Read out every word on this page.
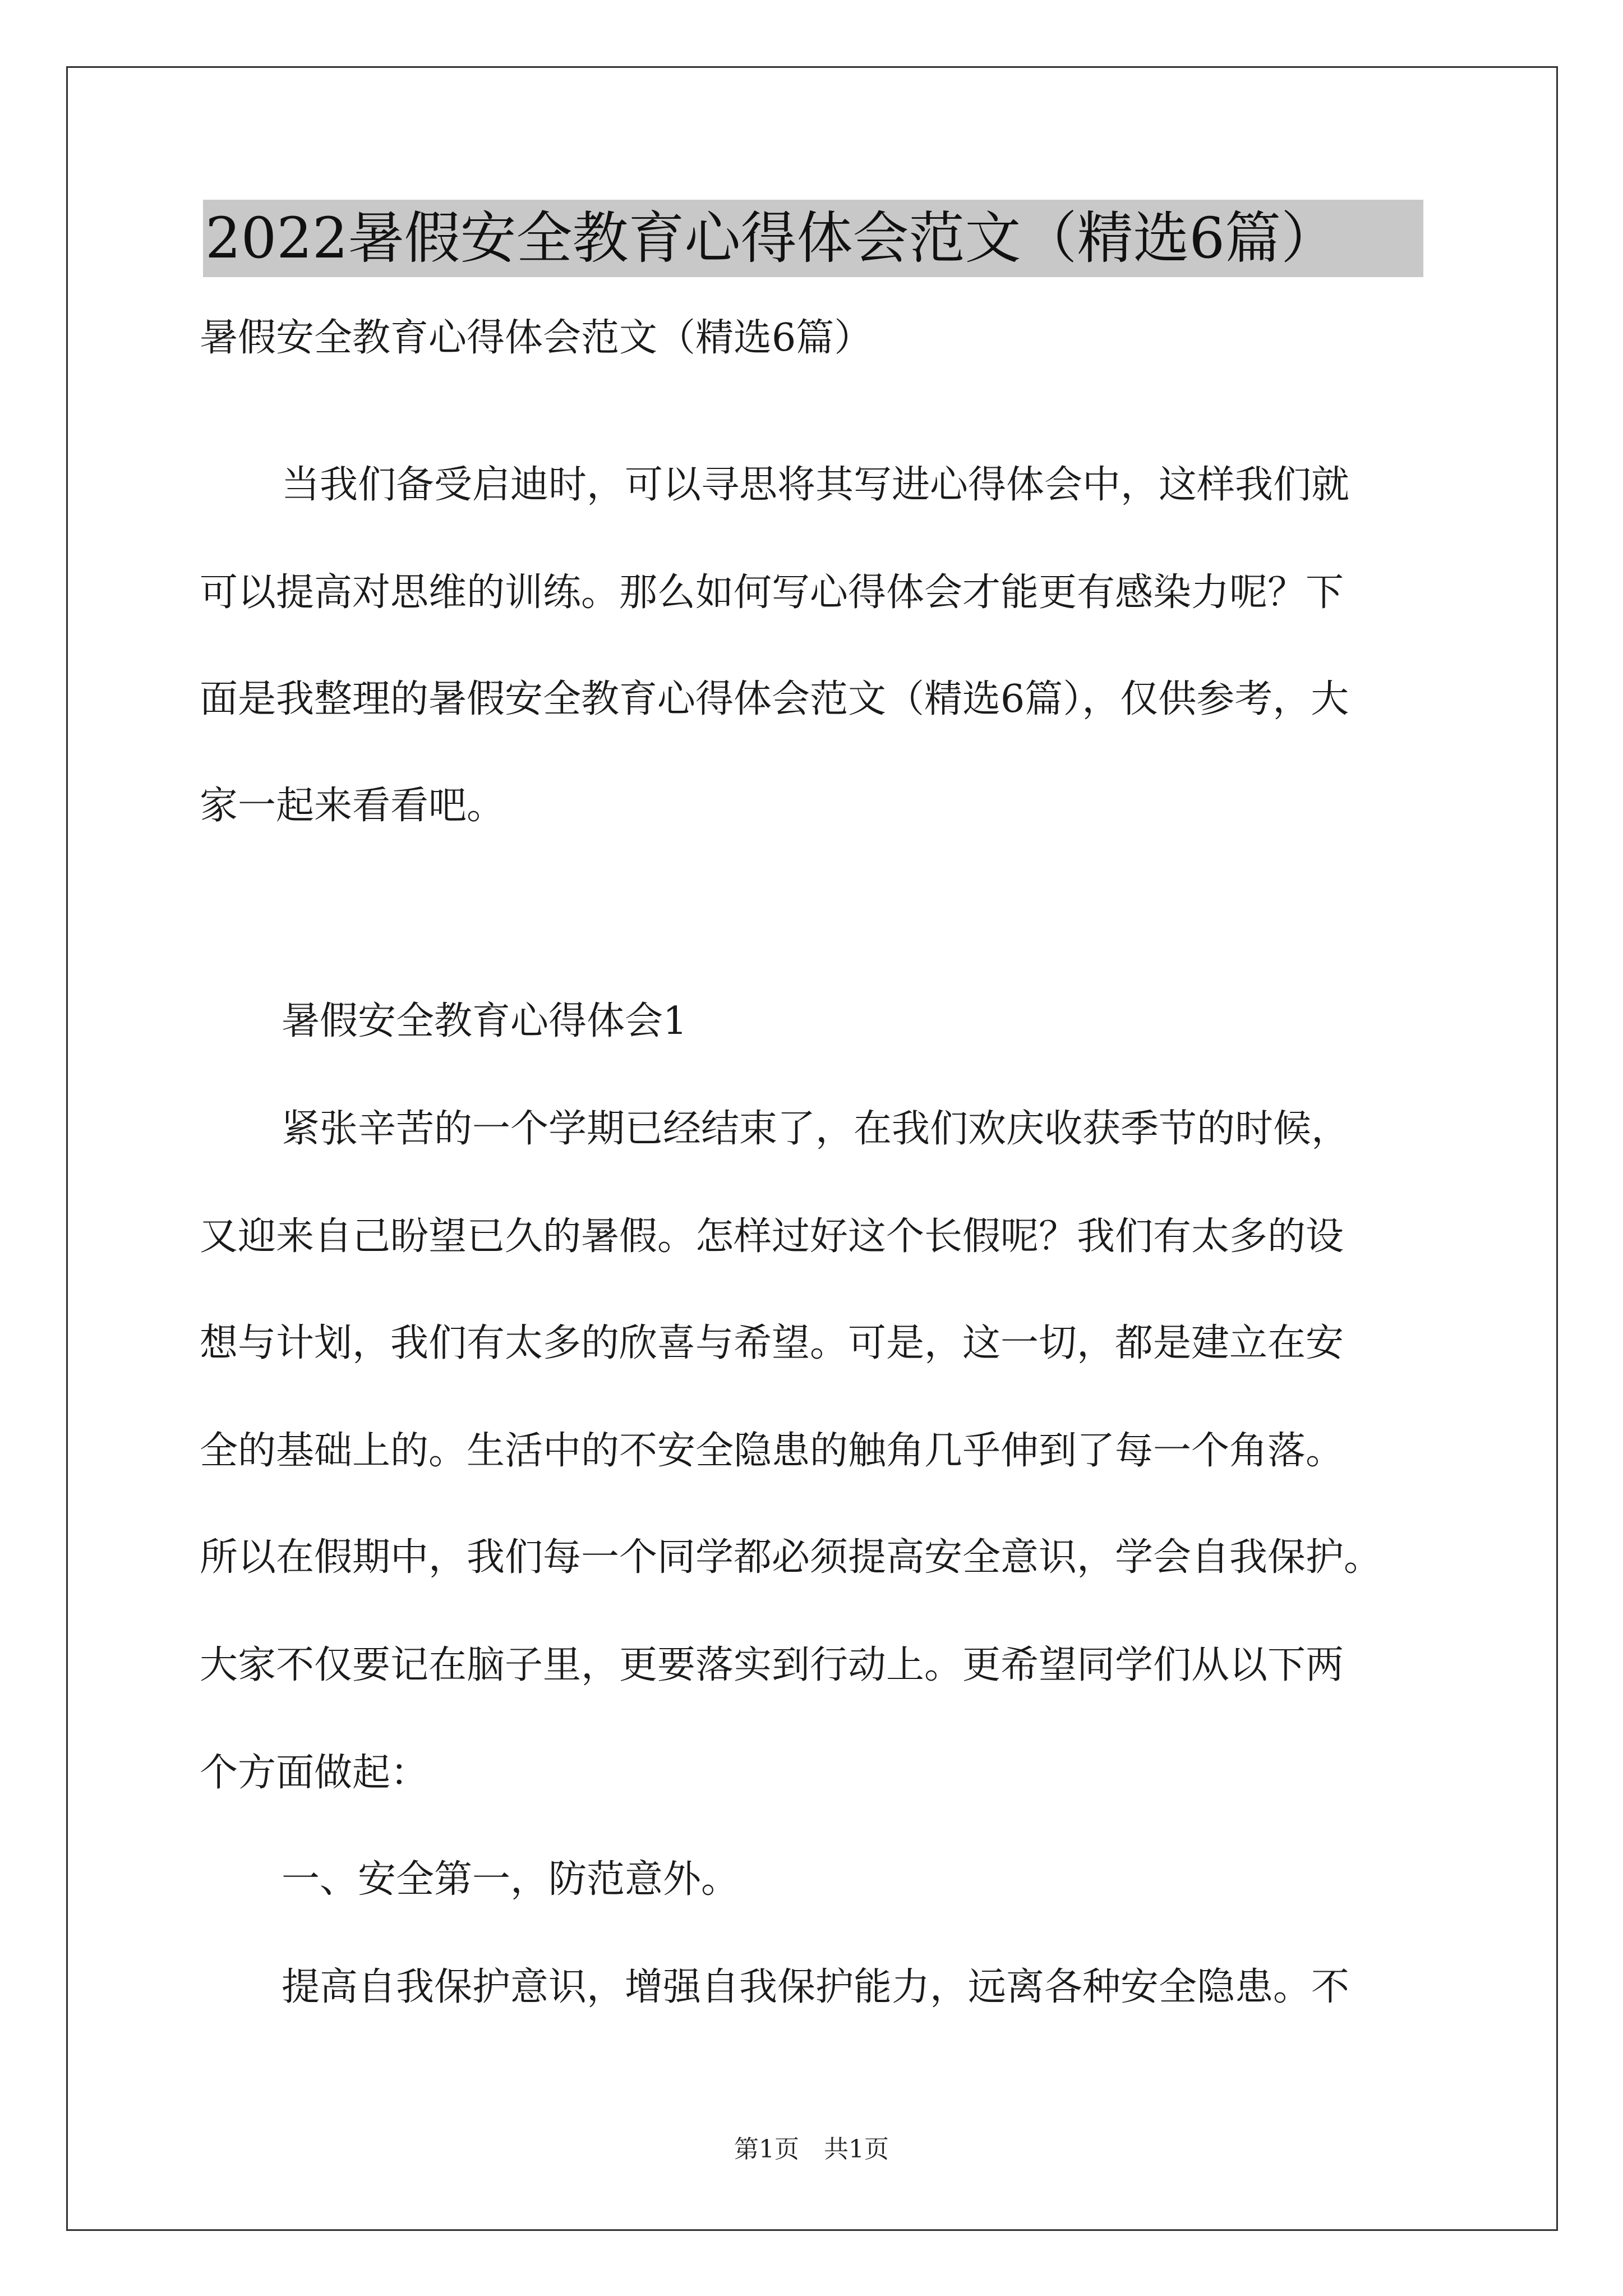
2022暑假安全教育心得体会范文（精选6篇）
暑假安全教育心得体会范文（精选6篇）
当我们备受启迪时，可以寻思将其写进心得体会中，这样我们就
可以提高对思维的训练。那么如何写心得体会才能更有感染力呢？下
面是我整理的暑假安全教育心得体会范文（精选6篇），仅供参考，大
家一起来看看吧。
暑假安全教育心得体会1
紧张辛苦的一个学期已经结束了，在我们欢庆收获季节的时候，
又迎来自己盼望已久的暑假。怎样过好这个长假呢？我们有太多的设
想与计划，我们有太多的欣喜与希望。可是，这一切，都是建立在安
全的基础上的。生活中的不安全隐患的触角几乎伸到了每一个角落。
所以在假期中，我们每一个同学都必须提高安全意识，学会自我保护。
大家不仅要记在脑子里，更要落实到行动上。更希望同学们从以下两
个方面做起：
一、安全第一，防范意外。
提高自我保护意识，增强自我保护能力，远离各种安全隐患。不
第1页　共1页
